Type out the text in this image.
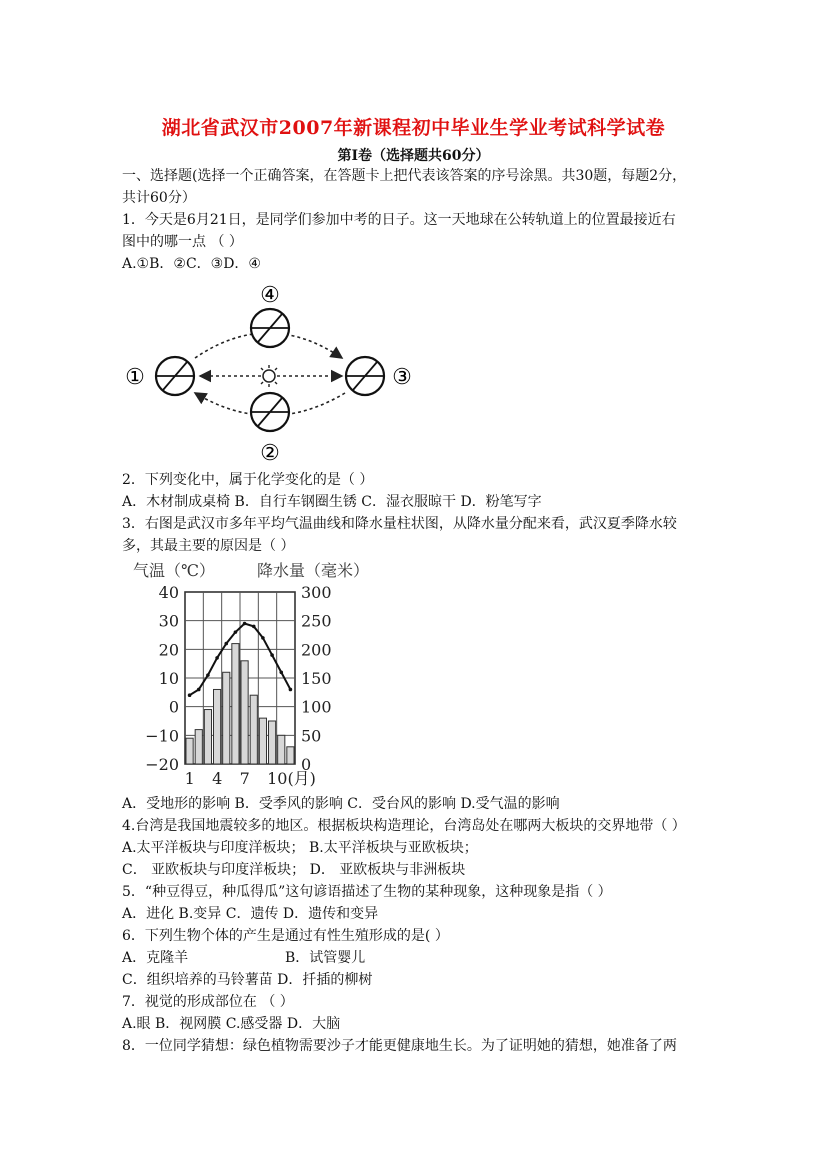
湖北省武汉市2007年新课程初中毕业生学业考试科学试卷
第Ⅰ卷（选择题共60分）
一、选择题(选择一个正确答案，在答题卡上把代表该答案的序号涂黑。共30题，每题2分，
共计60分）
1．今天是6月21日，是同学们参加中考的日子。这一天地球在公转轨道上的位置最接近右
图中的哪一点 （ ）
A.①B．②C．③D．④
④
①	③
②
2．下列变化中，属于化学变化的是（ ）
A．木材制成桌椅 B．自行车钢圈生锈 C．湿衣服晾干 D．粉笔写字
3．右图是武汉市多年平均气温曲线和降水量柱状图，从降水量分配来看，武汉夏季降水较
多，其最主要的原因是（ ）
气温（℃）	降水量（毫米）
40
30
20
10
0
−10
−20
300
250
200
150
100
50
0
1 4 7 10(月)
A．受地形的影响 B．受季风的影响 C．受台风的影响 D.受气温的影响
4.台湾是我国地震较多的地区。根据板块构造理论，台湾岛处在哪两大板块的交界地带（ ）
A.太平洋板块与印度洋板块； B.太平洋板块与亚欧板块；
C． 亚欧板块与印度洋板块； D． 亚欧板块与非洲板块
5．“种豆得豆，种瓜得瓜”这句谚语描述了生物的某种现象，这种现象是指（ ）
A．进化 B.变异 C．遗传 D．遗传和变异
6．下列生物个体的产生是通过有性生殖形成的是( ）
A．克隆羊	B．试管婴儿
C．组织培养的马铃薯苗 D．扦插的柳树
7．视觉的形成部位在 （ ）
A.眼 B．视网膜 C.感受器 D．大脑
8．一位同学猜想：绿色植物需要沙子才能更健康地生长。为了证明她的猜想，她准备了两
